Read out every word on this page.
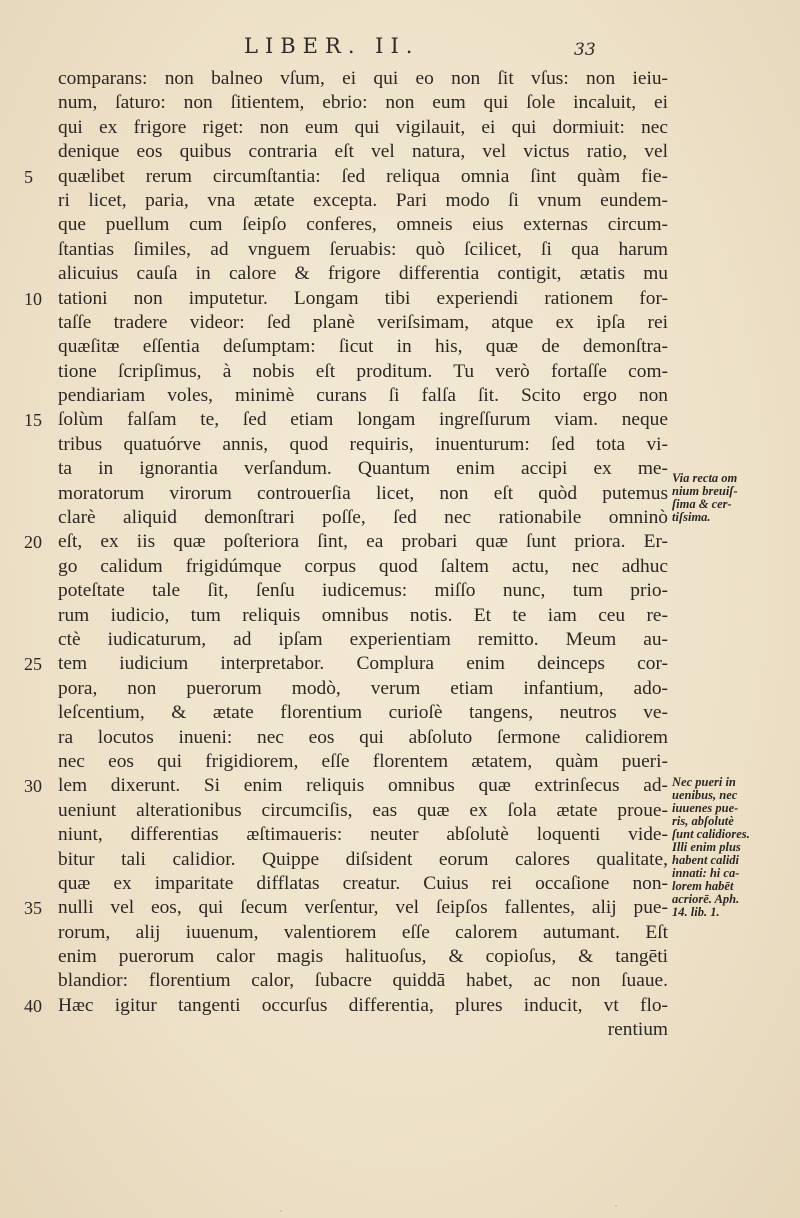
LIBER. II.	33
comparans: non balneo vſum, ei qui eo non ſit vſus: non ieiu-
num, ſaturo: non ſitientem, ebrio: non eum qui ſole incaluit, ei
qui ex frigore riget: non eum qui vigilauit, ei qui dormiuit: nec
denique eos quibus contraria eſt vel natura, vel victus ratio, vel
5	quælibet rerum circumſtantia: ſed reliqua omnia ſint quàm fie-
ri licet, paria, vna ætate excepta. Pari modo ſi vnum eundem-
que puellum cum ſeipſo conferes, omneis eius externas circum-
ſtantias ſimiles, ad vnguem ſeruabis: quò ſcilicet, ſi qua harum
alicuius cauſa in calore & frigore differentia contigit, ætatis mu
10 tationi non imputetur. Longam tibi experiendi rationem for-
taſſe tradere videor: ſed planè veriſsimam, atque ex ipſa rei
quæſitæ eſſentia deſumptam: ſicut in his, quæ de demonſtra-
tione ſcripſimus, à nobis eſt proditum. Tu verò fortaſſe com-
pendiariam voles, minimè curans ſi falſa ſit. Scito ergo non
15 ſolùm falſam te, ſed etiam longam ingreſſurum viam. neque
tribus quatuórve annis, quod requiris, inuenturum: ſed tota vi-
ta in ignorantia verſandum. Quantum enim accipi ex me-
moratorum virorum controuerſia licet, non eſt quòd putemus
clarè aliquid demonſtrari poſſe, ſed nec rationabile omninò
20 eſt, ex iis quæ poſteriora ſint, ea probari quæ ſunt priora. Er-
go calidum frigidúmque corpus quod ſaltem actu, nec adhuc
poteſtate tale ſit, ſenſu iudicemus: miſſo nunc, tum prio-
rum iudicio, tum reliquis omnibus notis. Et te iam ceu re-
ctè iudicaturum, ad ipſam experientiam remitto. Meum au-
25 tem iudicium interpretabor. Complura enim deinceps cor-
pora, non puerorum modò, verum etiam infantium, ado-
leſcentium, & ætate florentium curioſè tangens, neutros ve-
ra locutos inueni: nec eos qui abſoluto ſermone calidiorem
nec eos qui frigidiorem, eſſe florentem ætatem, quàm pueri-
30 lem dixerunt. Si enim reliquis omnibus quæ extrinſecus ad-
ueniunt alterationibus circumciſis, eas quæ ex ſola ætate proue-
niunt, differentias æſtimaueris: neuter abſolutè loquenti vide-
bitur tali calidior. Quippe diſsident eorum calores qualitate,
quæ ex imparitate difflatas creatur. Cuius rei occaſione non-
35 nulli vel eos, qui ſecum verſentur, vel ſeipſos fallentes, alij pue-
rorum, alij iuuenum, valentiorem eſſe calorem autumant. Eſt
enim puerorum calor magis halituoſus, & copioſus, & tangēti
blandior: florentium calor, ſubacre quiddā habet, ac non ſuaue.
40 Hæc igitur tangenti occurſus differentia, plures inducit, vt flo-
rentium
Via recta om
nium breuiſ-
ſima & cer-
tiſsima.
Nec pueri in
uenibus, nec
iuuenes pue-
ris, abſolutè
ſunt calidiores.
Illi enim plus
habent calidi
innati: hi ca-
lorem habēt
acriorē. Aph.
14. lib. 1.
